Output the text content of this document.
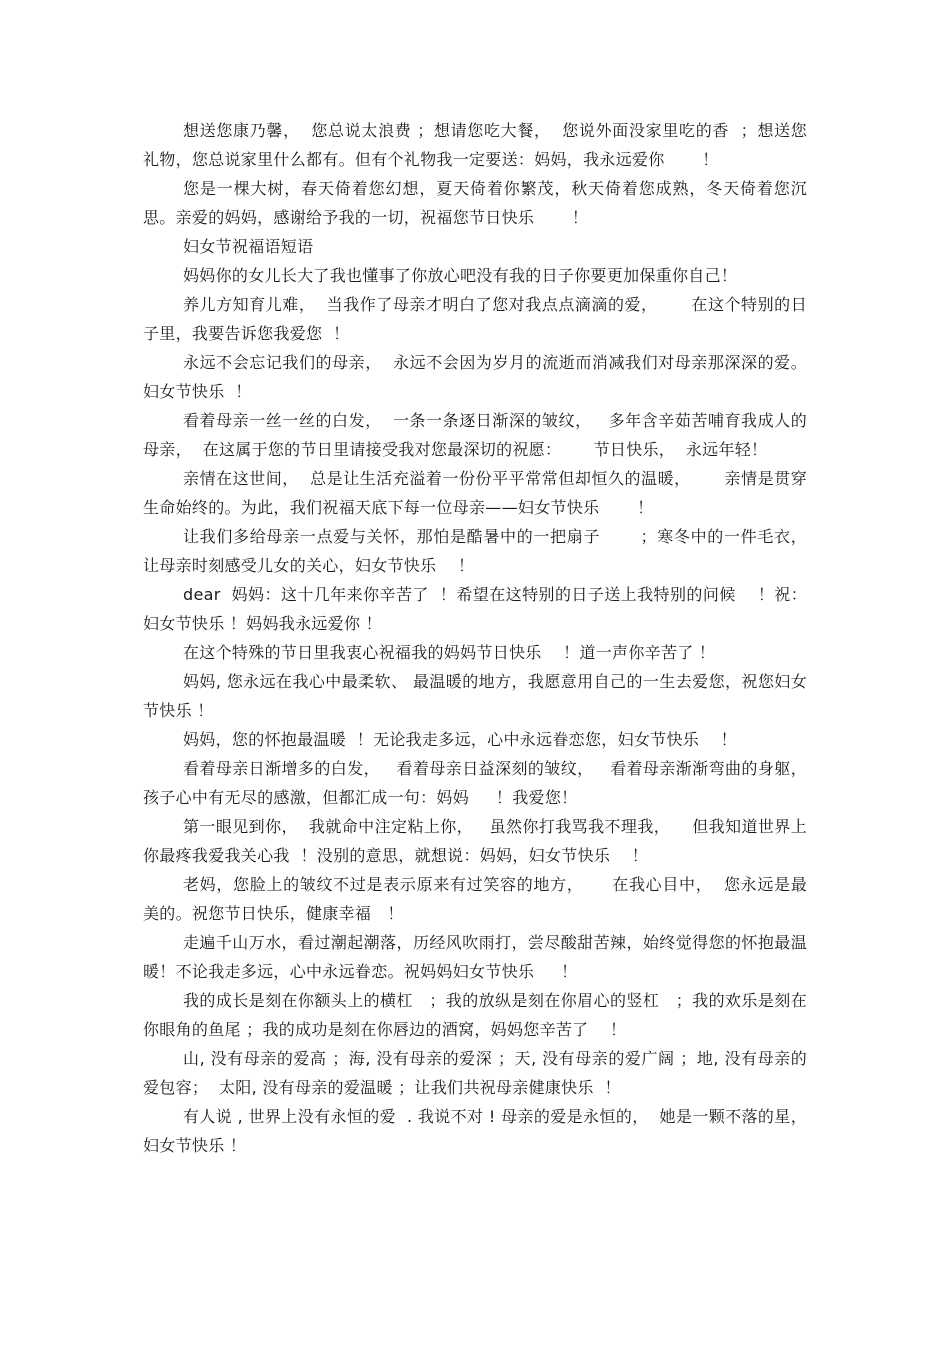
想送您康乃馨，  您总说太浪费 ；想请您吃大餐，  您说外面没家里吃的香  ；想送您礼物，您总说家里什么都有。但有个礼物我一定要送：妈妈，我永远爱你       ！

您是一棵大树，春天倚着您幻想，夏天倚着你繁茂，秋天倚着您成熟，冬天倚着您沉思。亲爱的妈妈，感谢给予我的一切，祝福您节日快乐       ！

妇女节祝福语短语

妈妈你的女儿长大了我也懂事了你放心吧没有我的日子你要更加保重你自己！

养儿方知育儿难，  当我作了母亲才明白了您对我点点滴滴的爱，      在这个特别的日子里，我要告诉您我爱您  ！

永远不会忘记我们的母亲，  永远不会因为岁月的流逝而消减我们对母亲那深深的爱。妇女节快乐  ！

看着母亲一丝一丝的白发，  一条一条逐日渐深的皱纹，   多年含辛茹苦哺育我成人的母亲，  在这属于您的节日里请接受我对您最深切的祝愿：      节日快乐，  永远年轻！

亲情在这世间，  总是让生活充溢着一份份平平常常但却恒久的温暖，      亲情是贯穿生命始终的。为此，我们祝福天底下每一位母亲——妇女节快乐       ！

让我们多给母亲一点爱与关怀，那怕是酷暑中的一把扇子       ；寒冬中的一件毛衣，让母亲时刻感受儿女的关心，妇女节快乐    ！

dear  妈妈：这十几年来你辛苦了  ！希望在这特别的日子送上我特别的问候    ！祝：妇女节快乐 ！妈妈我永远爱你 ！

在这个特殊的节日里我衷心祝福我的妈妈节日快乐    ！道一声你辛苦了 ！

妈妈, 您永远在我心中最柔软、 最温暖的地方，我愿意用自己的一生去爱您，祝您妇女节快乐 ！

妈妈，您的怀抱最温暖  ！无论我走多远，心中永远眷恋您，妇女节快乐    ！

看着母亲日渐增多的白发，   看着母亲日益深刻的皱纹，   看着母亲渐渐弯曲的身躯，孩子心中有无尽的感激，但都汇成一句：妈妈     ！我爱您！

第一眼见到你，  我就命中注定粘上你，   虽然你打我骂我不理我，    但我知道世界上你最疼我爱我关心我  ！没别的意思，就想说：妈妈，妇女节快乐    ！

老妈，您脸上的皱纹不过是表示原来有过笑容的地方，     在我心目中，  您永远是最美的。祝您节日快乐，健康幸福   ！

走遍千山万水，看过潮起潮落，历经风吹雨打，尝尽酸甜苦辣，始终觉得您的怀抱最温暖！不论我走多远，心中永远眷恋。祝妈妈妇女节快乐     ！

我的成长是刻在你额头上的横杠   ；我的放纵是刻在你眉心的竖杠   ；我的欢乐是刻在你眼角的鱼尾 ；我的成功是刻在你唇边的酒窝，妈妈您辛苦了    ！

山, 没有母亲的爱高 ；海, 没有母亲的爱深 ；天, 没有母亲的爱广阔 ；地, 没有母亲的爱包容；  太阳, 没有母亲的爱温暖 ；让我们共祝母亲健康快乐  ！

有人说 , 世界上没有永恒的爱  . 我说不对 ! 母亲的爱是永恒的，  她是一颗不落的星，妇女节快乐 ！
